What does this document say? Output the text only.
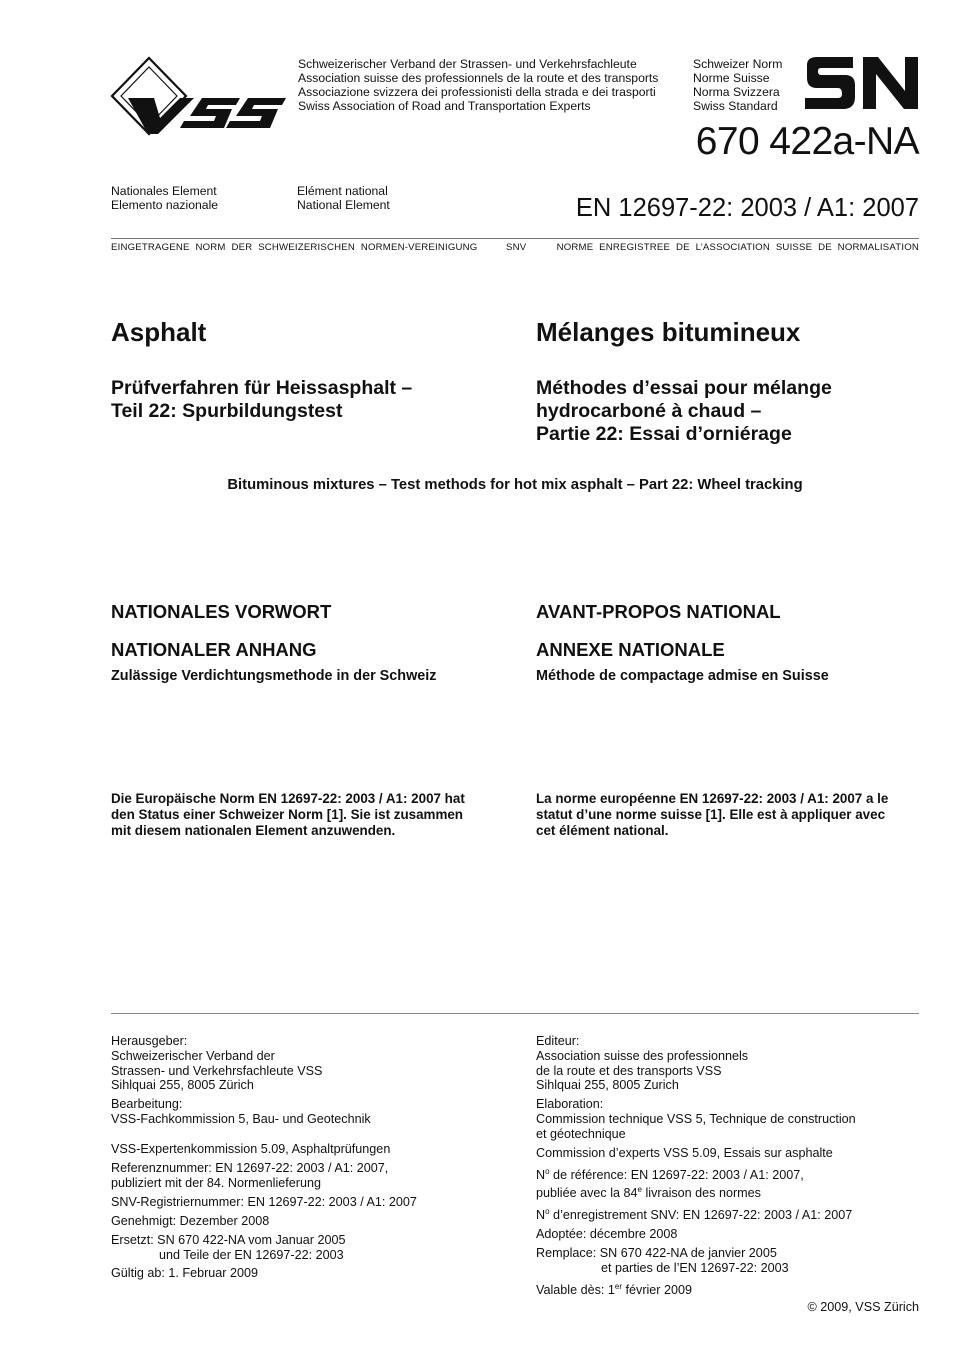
Schweizerischer Verband der Strassen- und Verkehrsfachleute
Association suisse des professionnels de la route et des transports
Associazione svizzera dei professionisti della strada e dei trasporti
Swiss Association of Road and Transportation Experts
Schweizer Norm
Norme Suisse
Norma Svizzera
Swiss Standard
670 422a-NA
Nationales Element
Elemento nazionale
Elément national
National Element	EN 12697-22: 2003 / A1: 2007
EINGETRAGENE NORM DER SCHWEIZERISCHEN NORMEN-VEREINIGUNG	SNV	NORME ENREGISTREE DE L’ASSOCIATION SUISSE DE NORMALISATION
Asphalt	Mélanges bitumineux
Prüfverfahren für Heissasphalt –
Teil 22: Spurbildungstest
Méthodes d’essai pour mélange
hydrocarboné à chaud –
Partie 22: Essai d’orniérage
Bituminous mixtures – Test methods for hot mix asphalt – Part 22: Wheel tracking
NATIONALES VORWORT
NATIONALER ANHANG
Zulässige Verdichtungsmethode in der Schweiz
AVANT-PROPOS NATIONAL
ANNEXE NATIONALE
Méthode de compactage admise en Suisse
Die Europäische Norm EN 12697-22: 2003 / A1: 2007 hat
den Status einer Schweizer Norm [1]. Sie ist zusammen
mit diesem nationalen Element anzuwenden.
La norme européenne EN 12697-22: 2003 / A1: 2007 a le
statut d’une norme suisse [1]. Elle est à appliquer avec
cet élément national.
Herausgeber:
Schweizerischer Verband der
Strassen- und Verkehrsfachleute VSS
Sihlquai 255, 8005 Zürich
Bearbeitung:
VSS-Fachkommission 5, Bau- und Geotechnik
VSS-Expertenkommission 5.09, Asphaltprüfungen
Referenznummer: EN 12697-22: 2003 / A1: 2007,
publiziert mit der 84. Normenlieferung
SNV-Registriernummer: EN 12697-22: 2003 / A1: 2007
Genehmigt: Dezember 2008
Ersetzt: SN 670 422-NA vom Januar 2005
und Teile der EN 12697-22: 2003
Gültig ab: 1. Februar 2009
Editeur:
Association suisse des professionnels
de la route et des transports VSS
Sihlquai 255, 8005 Zurich
Elaboration:
Commission technique VSS 5, Technique de construction
et géotechnique
Commission d’experts VSS 5.09, Essais sur asphalte
$N^o$ de référence: EN 12697-22: 2003 / A1: 2007,
publiée avec la 84e livraison des normes
$N^o$ d’enregistrement SNV: EN 12697-22: 2003 / A1: 2007
Adoptée: décembre 2008
Remplace: SN 670 422-NA de janvier 2005
et parties de l’EN 12697-22: 2003
Valable dès: 1er février 2009
© 2009, VSS Zürich
